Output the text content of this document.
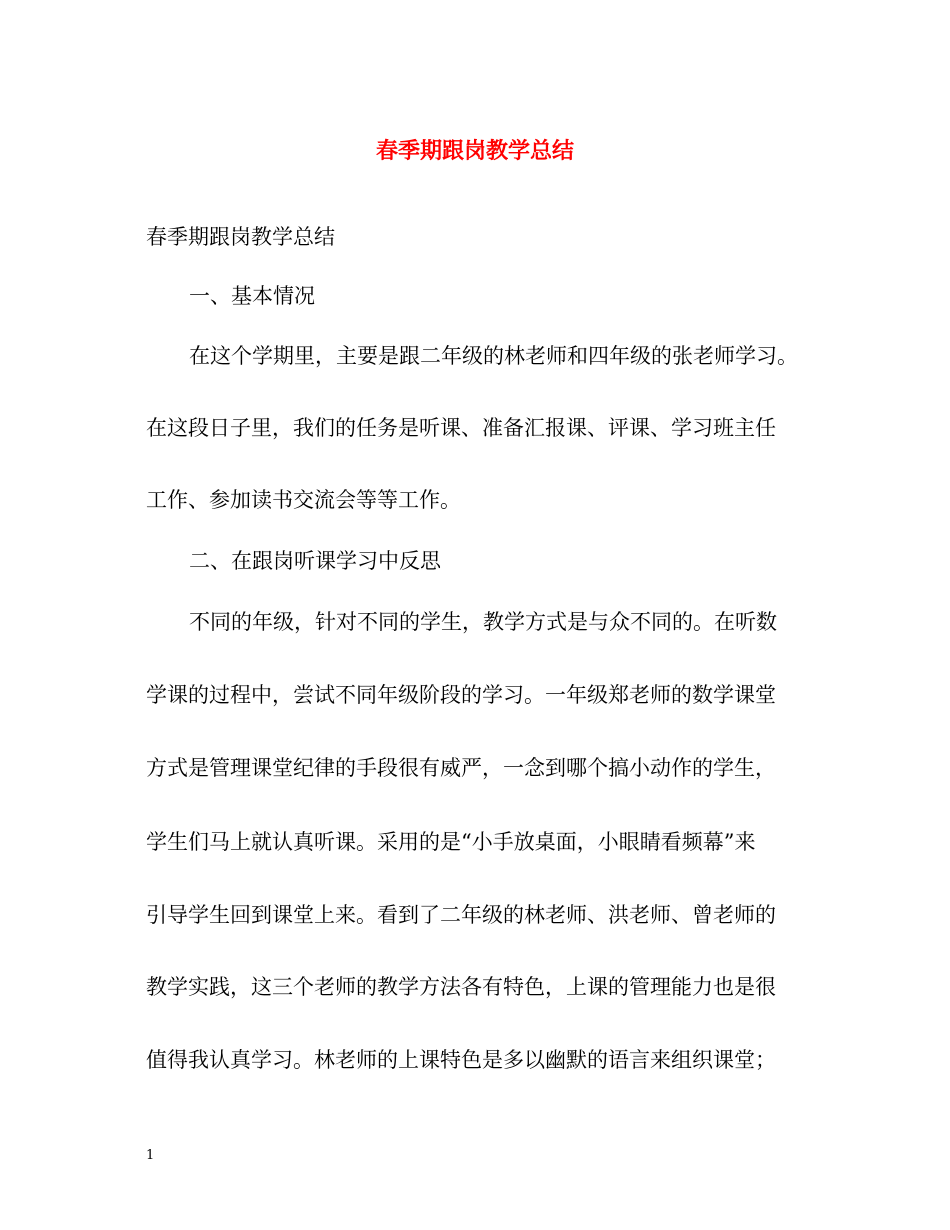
春季期跟岗教学总结

春季期跟岗教学总结

一、基本情况

在这个学期里，主要是跟二年级的林老师和四年级的张老师学习。

在这段日子里，我们的任务是听课、准备汇报课、评课、学习班主任

工作、参加读书交流会等等工作。

二、在跟岗听课学习中反思

不同的年级，针对不同的学生，教学方式是与众不同的。在听数

学课的过程中，尝试不同年级阶段的学习。一年级郑老师的数学课堂

方式是管理课堂纪律的手段很有威严，一念到哪个搞小动作的学生，

学生们马上就认真听课。采用的是“小手放桌面，小眼睛看频幕”来

引导学生回到课堂上来。看到了二年级的林老师、洪老师、曾老师的

教学实践，这三个老师的教学方法各有特色，上课的管理能力也是很

值得我认真学习。林老师的上课特色是多以幽默的语言来组织课堂；

1
